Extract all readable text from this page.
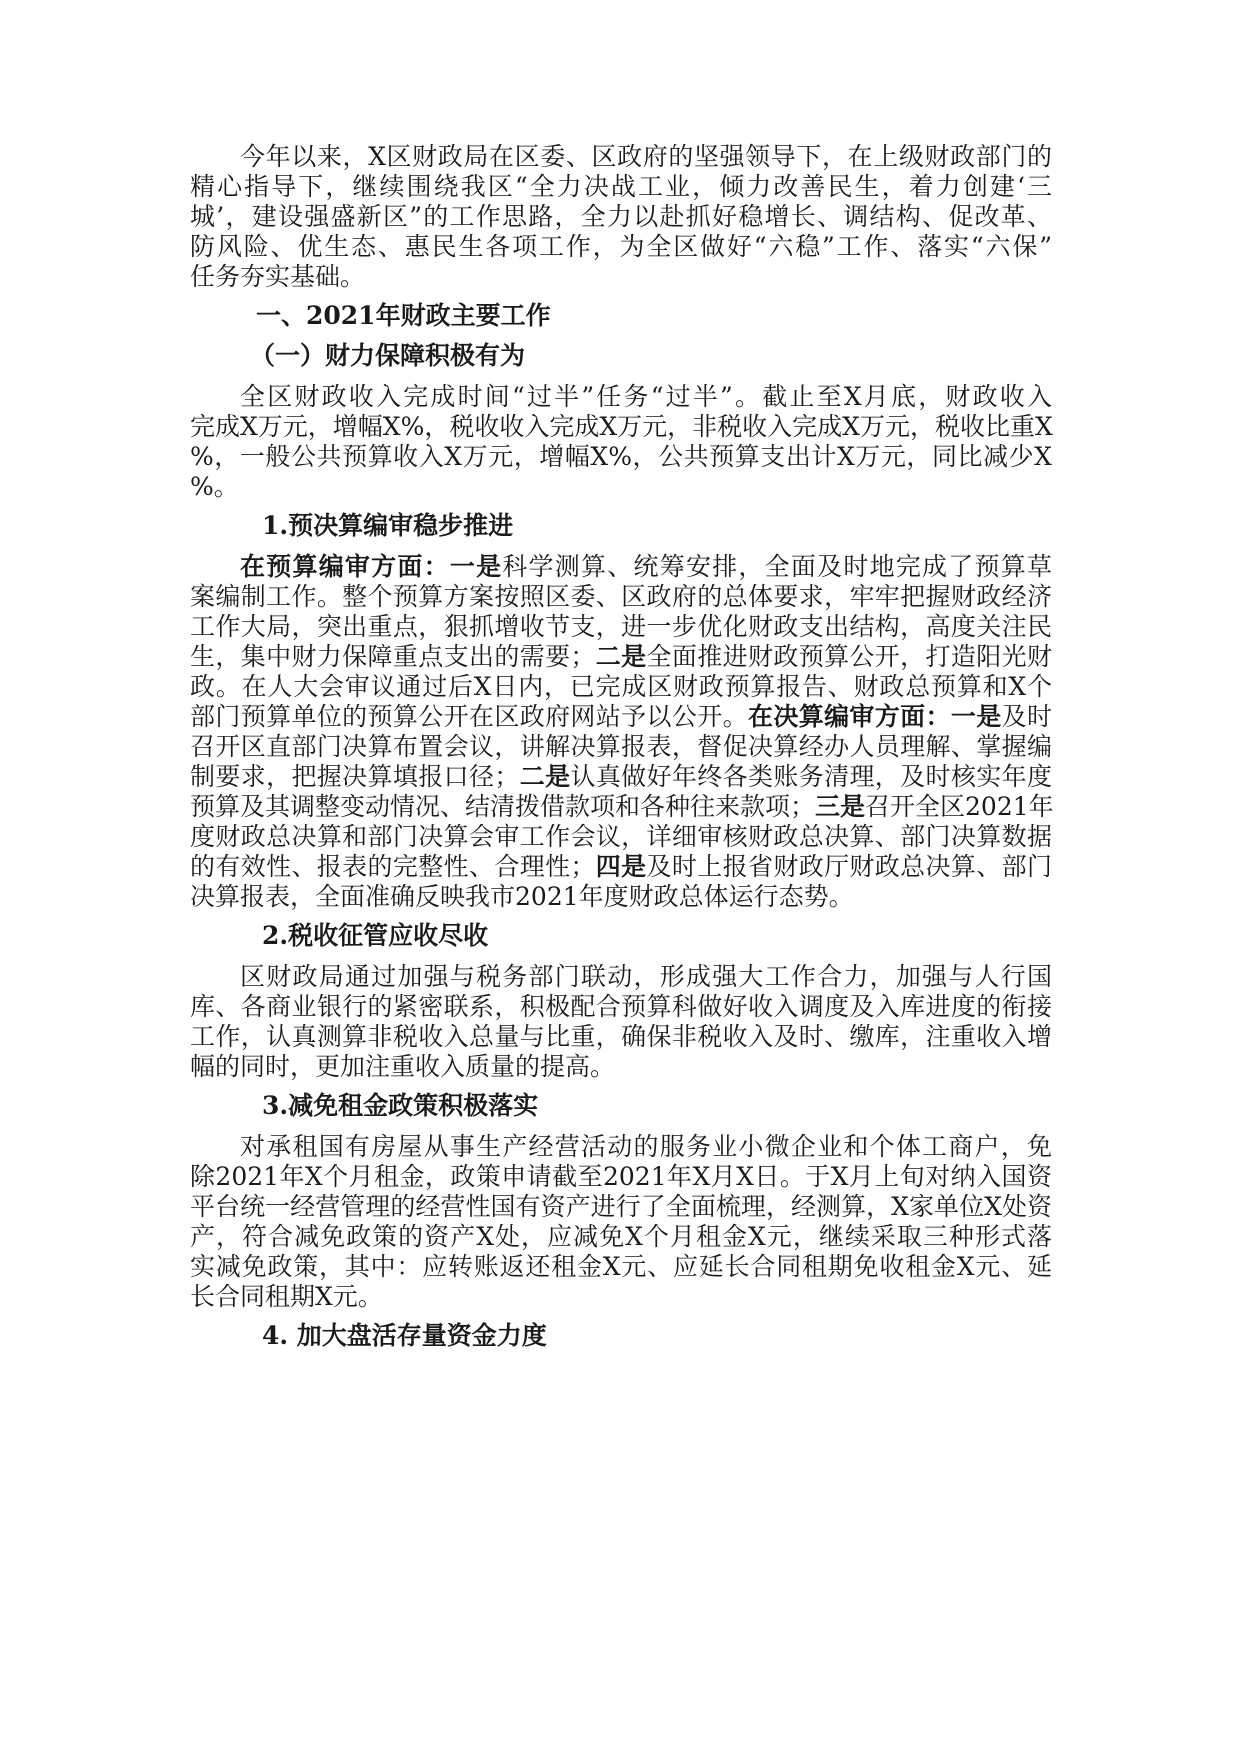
今年以来，X区财政局在区委、区政府的坚强领导下，在上级财政部门的
精心指导下，继续围绕我区“全力决战工业，倾力改善民生，着力创建‘三
城’，建设强盛新区”的工作思路，全力以赴抓好稳增长、调结构、促改革、
防风险、优生态、惠民生各项工作，为全区做好“六稳”工作、落实“六保”
任务夯实基础。
一、2021年财政主要工作
（一）财力保障积极有为
全区财政收入完成时间“过半”任务“过半”。截止至X月底，财政收入
完成X万元，增幅X%，税收收入完成X万元，非税收入完成X万元，税收比重X
%，一般公共预算收入X万元，增幅X%，公共预算支出计X万元，同比减少X
%。
1.预决算编审稳步推进
在预算编审方面：一是科学测算、统筹安排，全面及时地完成了预算草
案编制工作。整个预算方案按照区委、区政府的总体要求，牢牢把握财政经济
工作大局，突出重点，狠抓增收节支，进一步优化财政支出结构，高度关注民
生，集中财力保障重点支出的需要；二是全面推进财政预算公开，打造阳光财
政。在人大会审议通过后X日内，已完成区财政预算报告、财政总预算和X个
部门预算单位的预算公开在区政府网站予以公开。在决算编审方面：一是及时
召开区直部门决算布置会议，讲解决算报表，督促决算经办人员理解、掌握编
制要求，把握决算填报口径；二是认真做好年终各类账务清理，及时核实年度
预算及其调整变动情况、结清拨借款项和各种往来款项；三是召开全区2021年
度财政总决算和部门决算会审工作会议，详细审核财政总决算、部门决算数据
的有效性、报表的完整性、合理性；四是及时上报省财政厅财政总决算、部门
决算报表，全面准确反映我市2021年度财政总体运行态势。
2.税收征管应收尽收
区财政局通过加强与税务部门联动，形成强大工作合力，加强与人行国
库、各商业银行的紧密联系，积极配合预算科做好收入调度及入库进度的衔接
工作，认真测算非税收入总量与比重，确保非税收入及时、缴库，注重收入增
幅的同时，更加注重收入质量的提高。
3.减免租金政策积极落实
对承租国有房屋从事生产经营活动的服务业小微企业和个体工商户，免
除2021年X个月租金，政策申请截至2021年X月X日。于X月上旬对纳入国资
平台统一经营管理的经营性国有资产进行了全面梳理，经测算，X家单位X处资
产，符合减免政策的资产X处，应减免X个月租金X元，继续采取三种形式落
实减免政策，其中：应转账返还租金X元、应延长合同租期免收租金X元、延
长合同租期X元。
4. 加大盘活存量资金力度
